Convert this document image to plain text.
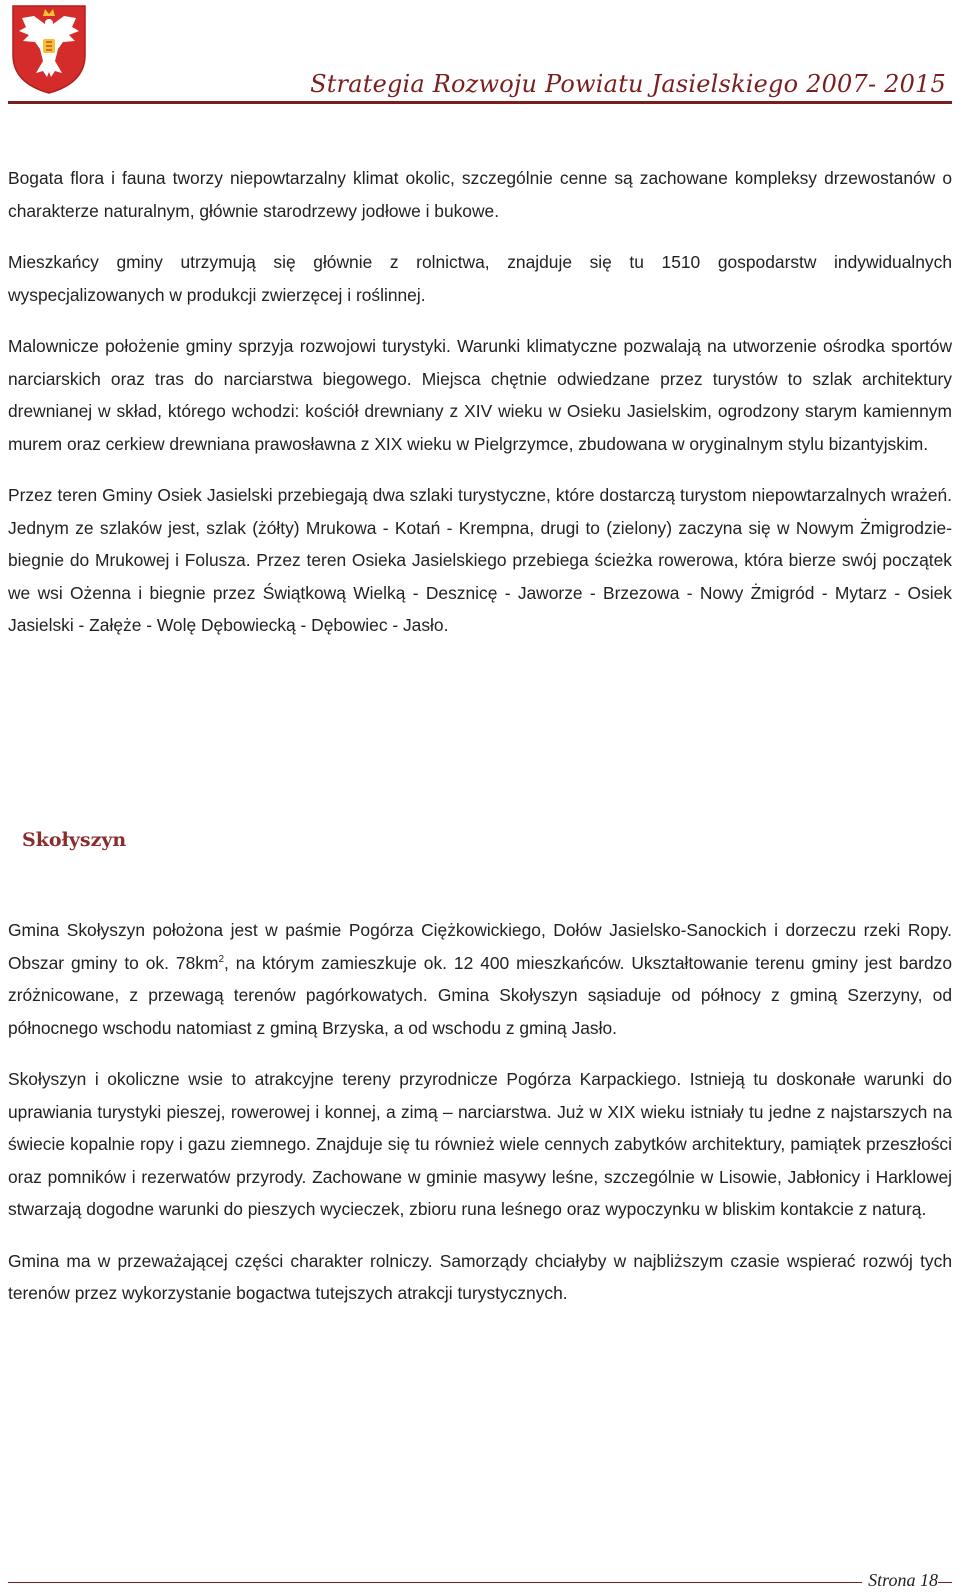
Strategia Rozwoju Powiatu Jasielskiego 2007- 2015

Bogata flora i fauna tworzy niepowtarzalny klimat okolic, szczególnie cenne są zachowane kompleksy drzewostanów o charakterze naturalnym, głównie starodrzewy jodłowe i bukowe.

Mieszkańcy gminy utrzymują się głównie z rolnictwa, znajduje się tu 1510 gospodarstw indywidualnych wyspecjalizowanych w produkcji zwierzęcej i roślinnej.

Malownicze położenie gminy sprzyja rozwojowi turystyki. Warunki klimatyczne pozwalają na utworzenie ośrodka sportów narciarskich oraz tras do narciarstwa biegowego. Miejsca chętnie odwiedzane przez turystów to szlak architektury drewnianej w skład, którego wchodzi: kościół drewniany z XIV wieku w Osieku Jasielskim, ogrodzony starym kamiennym murem oraz cerkiew drewniana prawosławna z XIX wieku w Pielgrzymce, zbudowana w oryginalnym stylu bizantyjskim.

Przez teren Gminy Osiek Jasielski przebiegają dwa szlaki turystyczne, które dostarczą turystom niepowtarzalnych wrażeń. Jednym ze szlaków jest, szlak (żółty) Mrukowa - Kotań - Krempna, drugi to (zielony) zaczyna się w Nowym Żmigrodzie- biegnie do Mrukowej i Folusza. Przez teren Osieka Jasielskiego przebiega ścieżka rowerowa, która bierze swój początek we wsi Ożenna i biegnie przez Świątkową Wielką - Desznicę - Jaworze - Brzezowa - Nowy Żmigród - Mytarz - Osiek Jasielski - Załęże - Wolę Dębowiecką - Dębowiec - Jasło.

Skołyszyn

Gmina Skołyszyn położona jest w paśmie Pogórza Ciężkowickiego, Dołów Jasielsko-Sanockich i dorzeczu rzeki Ropy. Obszar gminy to ok. $78km^2$, na którym zamieszkuje ok. 12 400 mieszkańców. Ukształtowanie terenu gminy jest bardzo zróżnicowane, z przewagą terenów pagórkowatych. Gmina Skołyszyn sąsiaduje od północy z gminą Szerzyny, od północnego wschodu natomiast z gminą Brzyska, a od wschodu z gminą Jasło.

Skołyszyn i okoliczne wsie to atrakcyjne tereny przyrodnicze Pogórza Karpackiego. Istnieją tu doskonałe warunki do uprawiania turystyki pieszej, rowerowej i konnej, a zimą – narciarstwa. Już w XIX wieku istniały tu jedne z najstarszych na świecie kopalnie ropy i gazu ziemnego. Znajduje się tu również wiele cennych zabytków architektury, pamiątek przeszłości oraz pomników i rezerwatów przyrody. Zachowane w gminie masywy leśne, szczególnie w Lisowie, Jabłonicy i Harklowej stwarzają dogodne warunki do pieszych wycieczek, zbioru runa leśnego oraz wypoczynku w bliskim kontakcie z naturą.

Gmina ma w przeważającej części charakter rolniczy. Samorządy chciałyby w najbliższym czasie wspierać rozwój tych terenów przez wykorzystanie bogactwa tutejszych atrakcji turystycznych.

Strona 18
